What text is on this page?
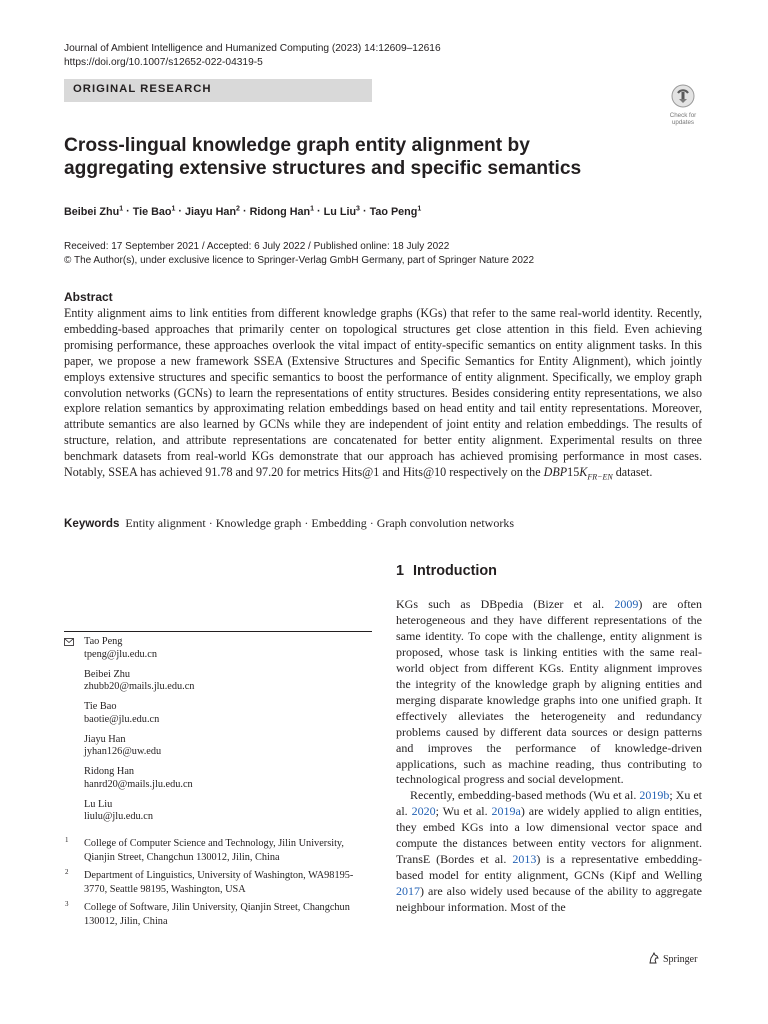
Journal of Ambient Intelligence and Humanized Computing (2023) 14:12609–12616
https://doi.org/10.1007/s12652-022-04319-5
ORIGINAL RESEARCH
Check for
updates
Cross-lingual knowledge graph entity alignment by aggregating extensive structures and specific semantics
Beibei Zhu$^1$ · Tie Bao$^1$ · Jiayu Han$^2$ · Ridong Han$^1$ · Lu Liu$^3$ · Tao Peng$^1$
Received: 17 September 2021 / Accepted: 6 July 2022 / Published online: 18 July 2022
© The Author(s), under exclusive licence to Springer-Verlag GmbH Germany, part of Springer Nature 2022
Abstract

Entity alignment aims to link entities from different knowledge graphs (KGs) that refer to the same real-world identity. Recently, embedding-based approaches that primarily center on topological structures get close attention in this field. Even achieving promising performance, these approaches overlook the vital impact of entity-specific semantics on entity alignment tasks. In this paper, we propose a new framework SSEA (Extensive Structures and Specific Semantics for Entity Alignment), which jointly employs extensive structures and specific semantics to boost the performance of entity alignment. Specifically, we employ graph convolution networks (GCNs) to learn the representations of entity structures. Besides considering entity representations, we also explore relation semantics by approximating relation embeddings based on head entity and tail entity representations. Moreover, attribute semantics are also learned by GCNs while they are independent of joint entity and relation embeddings. The results of structure, relation, and attribute representations are concatenated for better entity alignment. Experimental results on three benchmark datasets from real-world KGs demonstrate that our approach has achieved promising performance in most cases. Notably, SSEA has achieved 91.78 and 97.20 for metrics Hits@1 and Hits@10 respectively on the $DBP15K_{FR-EN}$ dataset.

Keywords Entity alignment · Knowledge graph · Embedding · Graph convolution networks
1 Introduction

KGs such as DBpedia (Bizer et al. 2009) are often heterogeneous and they have different representations of the same identity. To cope with the challenge, entity alignment is proposed, whose task is linking entities with the same real-world object from different KGs. Entity alignment improves the integrity of the knowledge graph by aligning entities and merging disparate knowledge graphs into one unified graph. It effectively alleviates the heterogeneity and redundancy problems caused by different data sources or design patterns and improves the performance of knowledge-driven applications, such as machine reading, thus contributing to technological progress and social development.

Recently, embedding-based methods (Wu et al. 2019b; Xu et al. 2020; Wu et al. 2019a) are widely applied to align entities, they embed KGs into a low dimensional vector space and compute the distances between entity vectors for alignment. TransE (Bordes et al. 2013) is a representative embedding-based model for entity alignment, GCNs (Kipf and Welling 2017) are also widely used because of the ability to aggregate neighbour information. Most of the

Tao Peng
tpeng@jlu.edu.cn
Beibei Zhu
zhubb20@mails.jlu.edu.cn
Tie Bao
baotie@jlu.edu.cn
Jiayu Han
jyhan126@uw.edu
Ridong Han
hanrd20@mails.jlu.edu.cn
Lu Liu
liulu@jlu.edu.cn
1 College of Computer Science and Technology, Jilin University, Qianjin Street, Changchun 130012, Jilin, China
2 Department of Linguistics, University of Washington, WA98195-3770, Seattle 98195, Washington, USA
3 College of Software, Jilin University, Qianjin Street, Changchun 130012, Jilin, China
Springer
